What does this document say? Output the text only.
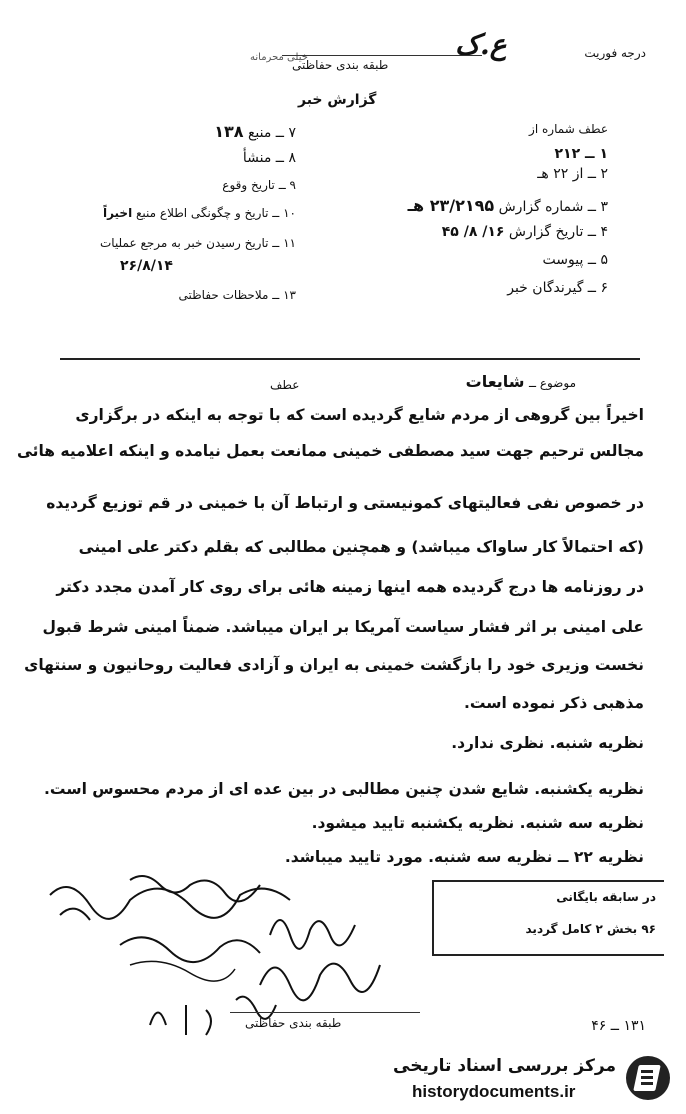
درجه فوریت
ع.ک
خیلی محرمانه
طبقه بندی حفاظتی
گزارش خبر
عطف شماره از
۱ ــ ۲۱۲
۲ ــ از ۲۲ هـ
۳ ــ شماره گزارش ۲۳/۲۱۹۵ هـ
۴ ــ تاریخ گزارش ۱۶/ ۸/ ۴۵
۵ ــ پیوست
۶ ــ گیرندگان خبر
۷ ــ منبع ۱۳۸
۸ ــ منشأ
۹ ــ تاریخ وقوع
۱۰ ــ تاریخ و چگونگی اطلاع منبع اخیراً
۱۱ ــ تاریخ رسیدن خبر به مرجع عملیات
۲۶/۸/۱۴
۱۳ ــ ملاحظات حفاظتی
موضوع ــ شایعات
عطف
اخیراً بین گروهی از مردم شایع گردیده است که با توجه به اینکه در برگزاری
مجالس ترحیم جهت سید مصطفی خمینی ممانعت بعمل نیامده و اینکه اعلامیه هائی
در خصوص نفی فعالیتهای کمونیستی و ارتباط آن با خمینی در قم توزیع گردیده
(که احتمالاً کار ساواک میباشد) و همچنین مطالبی که بقلم دکتر علی امینی
در روزنامه ها درج گردیده همه اینها زمینه هائی برای روی کار آمدن مجدد دکتر
علی امینی بر اثر فشار سیاست آمریکا بر ایران میباشد. ضمناً امینی شرط قبول
نخست وزیری خود را بازگشت خمینی به ایران و آزادی فعالیت روحانیون و سنتهای
مذهبی ذکر نموده است.
نظریه شنبه. نظری ندارد.
نظریه یکشنبه. شایع شدن چنین مطالبی در بین عده ای از مردم محسوس است.
نظریه سه شنبه. نظریه یکشنبه تایید میشود.
نظریه ۲۲ ــ نظریه سه شنبه. مورد تایید میباشد.
در سابقه بایگانی
۹۶ بخش ۲ کامل گردید
طبقه بندی حفاظتی	۱۳۱ ــ ۴۶
مرکز بررسی اسناد تاریخی
historydocuments.ir
